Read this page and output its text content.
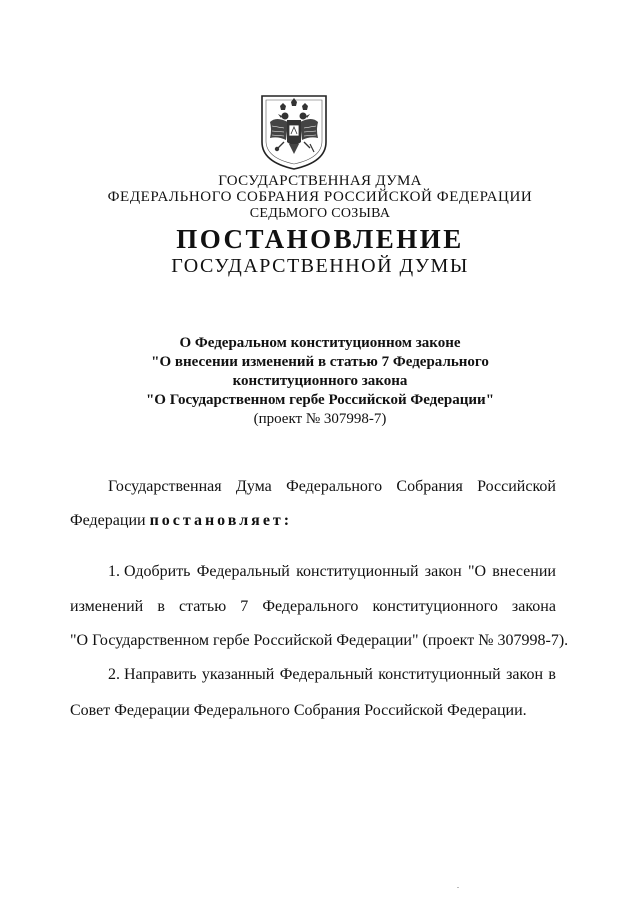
ГОСУДАРСТВЕННАЯ ДУМА
ФЕДЕРАЛЬНОГО СОБРАНИЯ РОССИЙСКОЙ ФЕДЕРАЦИИ
СЕДЬМОГО СОЗЫВА
ПОСТАНОВЛЕНИЕ
ГОСУДАРСТВЕННОЙ ДУМЫ
О Федеральном конституционном законе
"О внесении изменений в статью 7 Федерального
конституционного закона
"О Государственном гербе Российской Федерации"
(проект № 307998-7)
Государственная Дума Федерального Собрания Российской
Федерации постановляет:
1. Одобрить Федеральный конституционный закон "О внесении
изменений в статью 7 Федерального конституционного закона
"О Государственном гербе Российской Федерации" (проект № 307998-7).
2. Направить указанный Федеральный конституционный закон в
Совет Федерации Федерального Собрания Российской Федерации.
